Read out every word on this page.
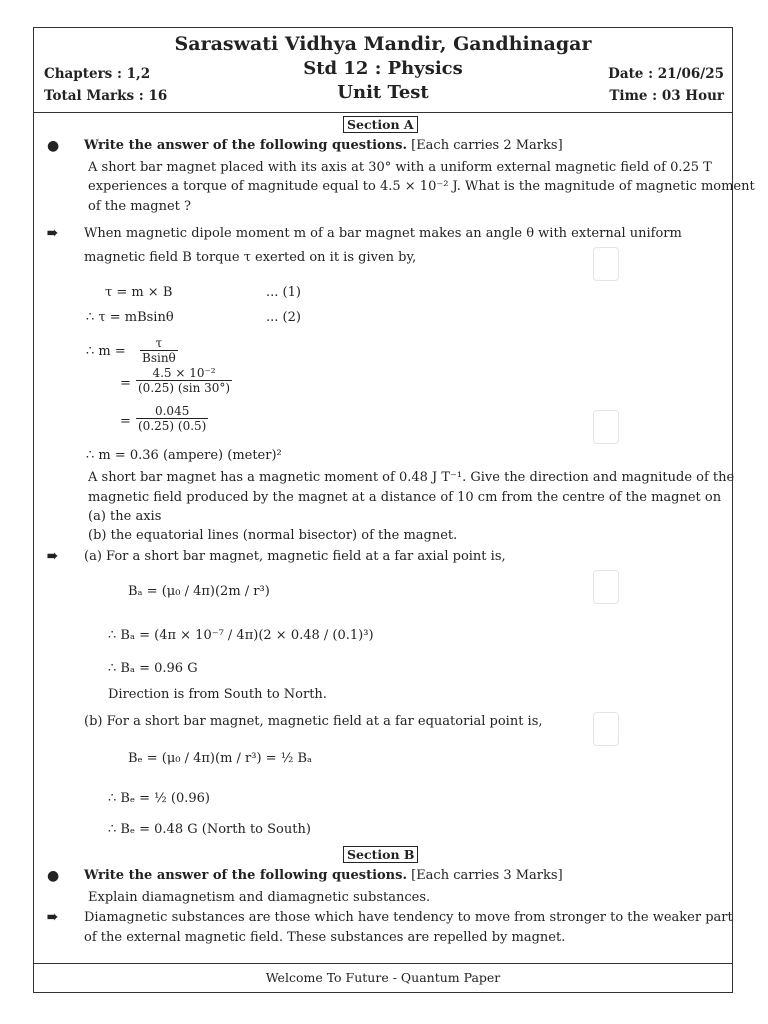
Saraswati Vidhya Mandir, Gandhinagar
Std 12 : Physics
Unit Test
Chapters : 1,2
Total Marks : 16
Date : 21/06/25
Time : 03 Hour
Welcome To Future - Quantum Paper
Section A
● Write the answer of the following questions. [Each carries 2 Marks]
A short bar magnet placed with its axis at 30° with a uniform external magnetic field of 0.25 T
experiences a torque of magnitude equal to 4.5 × 10⁻² J. What is the magnitude of magnetic moment
of the magnet ?
➠ When magnetic dipole moment m of a bar magnet makes an angle θ with external uniform
magnetic field B torque τ exerted on it is given by,
τ = m × B	... (1)
∴ τ = mBsinθ	... (2)
∴ $m = \frac{\tau}{Bsin\theta}$
= $\frac{\text{4.5 × 10⁻²}}{(0.25) (\sin 30^\circ)}$
= $\frac{0.045}{(0.25) (0.5)}$
∴ m = 0.36 (ampere) (meter)²
A short bar magnet has a magnetic moment of 0.48 J T⁻¹. Give the direction and magnitude of the
magnetic field produced by the magnet at a distance of 10 cm from the centre of the magnet on
(a) the axis
(b) the equatorial lines (normal bisector) of the magnet.
➠ (a) For a short bar magnet, magnetic field at a far axial point is,
Bₐ = (μ₀ / 4π)(2m / r³)
∴ Bₐ = (4π × 10⁻⁷ / 4π)(2 × 0.48 / (0.1)³)
∴ Bₐ = 0.96 G
Direction is from South to North.
(b) For a short bar magnet, magnetic field at a far equatorial point is,
Bₑ = (μ₀ / 4π)(m / r³) = ½ Bₐ
∴ Bₑ = ½ (0.96)
∴ Bₑ = 0.48 G (North to South)
Section B
● Write the answer of the following questions. [Each carries 3 Marks]
Explain diamagnetism and diamagnetic substances.
➠ Diamagnetic substances are those which have tendency to move from stronger to the weaker part
of the external magnetic field. These substances are repelled by magnet.
